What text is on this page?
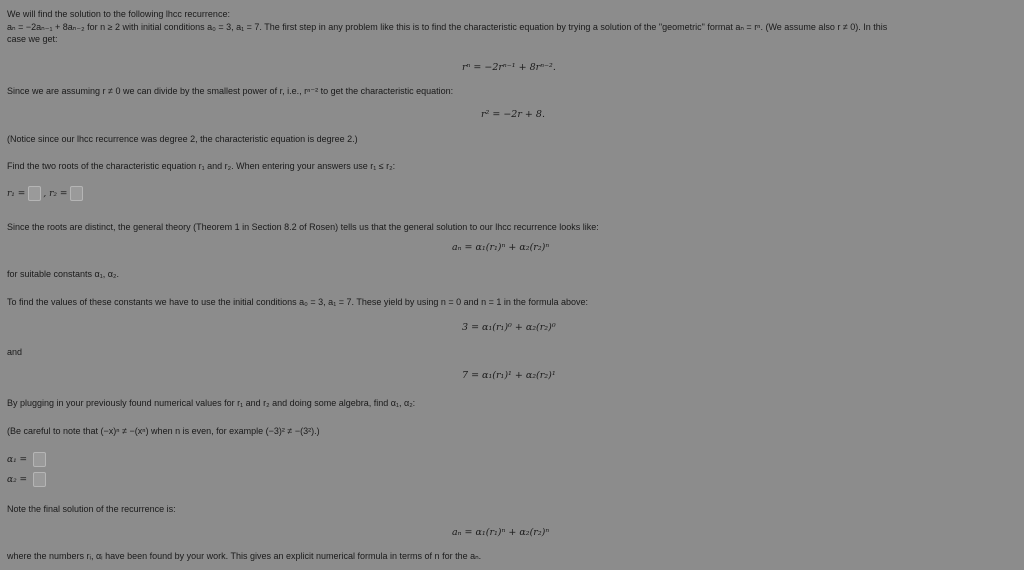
We will find the solution to the following lhcc recurrence:
aₙ = −2aₙ₋₁ + 8aₙ₋₂ for n ≥ 2 with initial conditions a₀ = 3, a₁ = 7. The first step in any problem like this is to find the characteristic equation by trying a solution of the "geometric" format aₙ = rⁿ. (We assume also r ≠ 0). In this
case we get:
rⁿ = −2rⁿ⁻¹ + 8rⁿ⁻².
Since we are assuming r ≠ 0 we can divide by the smallest power of r, i.e., rⁿ⁻² to get the characteristic equation:
r² = −2r + 8.
(Notice since our lhcc recurrence was degree 2, the characteristic equation is degree 2.)
Find the two roots of the characteristic equation r₁ and r₂. When entering your answers use r₁ ≤ r₂:
r₁ = , r₂ =
Since the roots are distinct, the general theory (Theorem 1 in Section 8.2 of Rosen) tells us that the general solution to our lhcc recurrence looks like:
aₙ = α₁(r₁)ⁿ + α₂(r₂)ⁿ
for suitable constants α₁, α₂.
To find the values of these constants we have to use the initial conditions a₀ = 3, a₁ = 7. These yield by using n = 0 and n = 1 in the formula above:
3 = α₁(r₁)⁰ + α₂(r₂)⁰
and
7 = α₁(r₁)¹ + α₂(r₂)¹
By plugging in your previously found numerical values for r₁ and r₂ and doing some algebra, find α₁, α₂:
(Be careful to note that (−x)ⁿ ≠ −(xⁿ) when n is even, for example (−3)² ≠ −(3²).)
α₁ =
α₂ =
Note the final solution of the recurrence is:
aₙ = α₁(r₁)ⁿ + α₂(r₂)ⁿ
where the numbers rᵢ, αᵢ have been found by your work. This gives an explicit numerical formula in terms of n for the aₙ.
